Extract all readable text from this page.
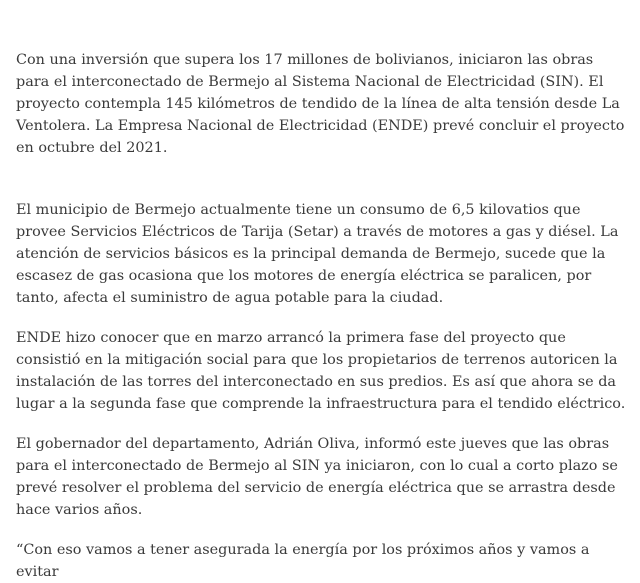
Con una inversión que supera los 17 millones de bolivianos, iniciaron las obras para el interconectado de Bermejo al Sistema Nacional de Electricidad (SIN). El proyecto contempla 145 kilómetros de tendido de la línea de alta tensión desde La Ventolera. La Empresa Nacional de Electricidad (ENDE) prevé concluir el proyecto en octubre del 2021.

El municipio de Bermejo actualmente tiene un consumo de 6,5 kilovatios que provee Servicios Eléctricos de Tarija (Setar) a través de motores a gas y diésel. La atención de servicios básicos es la principal demanda de Bermejo, sucede que la escasez de gas ocasiona que los motores de energía eléctrica se paralicen, por tanto, afecta el suministro de agua potable para la ciudad.

ENDE hizo conocer que en marzo arrancó la primera fase del proyecto que consistió en la mitigación social para que los propietarios de terrenos autoricen la instalación de las torres del interconectado en sus predios. Es así que ahora se da lugar a la segunda fase que comprende la infraestructura para el tendido eléctrico.

El gobernador del departamento, Adrián Oliva, informó este jueves que las obras para el interconectado de Bermejo al SIN ya iniciaron, con lo cual a corto plazo se prevé resolver el problema del servicio de energía eléctrica que se arrastra desde hace varios años.

“Con eso vamos a tener asegurada la energía por los próximos años y vamos a evitar
